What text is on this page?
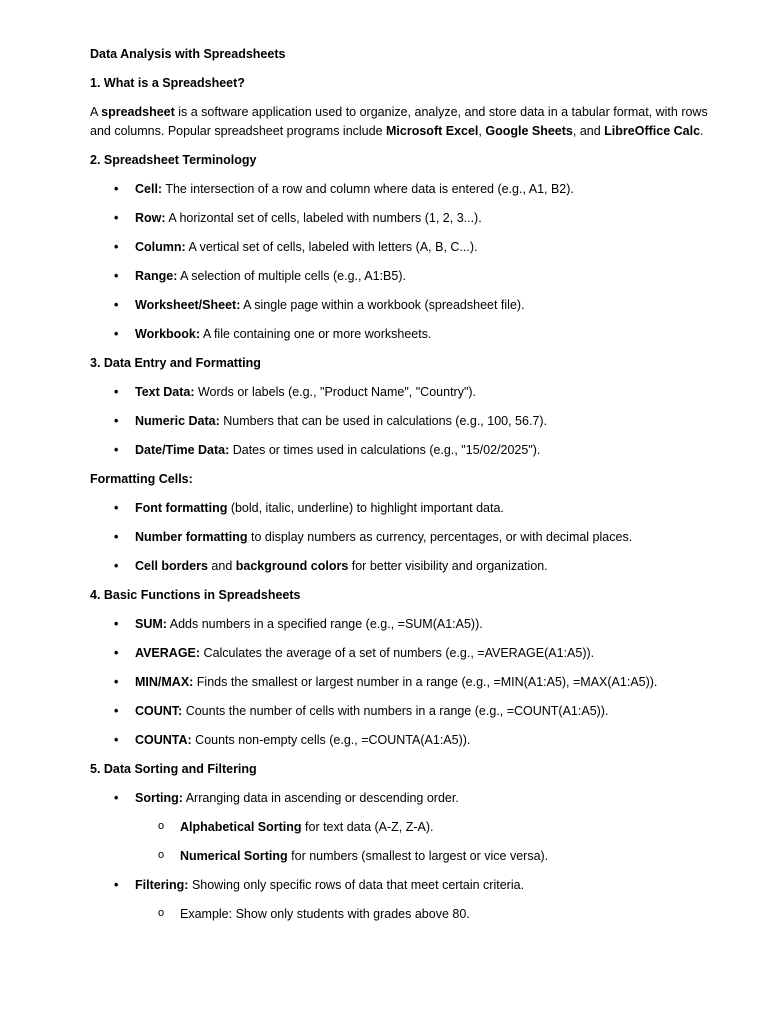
Data Analysis with Spreadsheets

1. What is a Spreadsheet?

A spreadsheet is a software application used to organize, analyze, and store data in a tabular format, with rows and columns. Popular spreadsheet programs include Microsoft Excel, Google Sheets, and LibreOffice Calc.

2. Spreadsheet Terminology

• Cell: The intersection of a row and column where data is entered (e.g., A1, B2).
• Row: A horizontal set of cells, labeled with numbers (1, 2, 3...).
• Column: A vertical set of cells, labeled with letters (A, B, C...).
• Range: A selection of multiple cells (e.g., A1:B5).
• Worksheet/Sheet: A single page within a workbook (spreadsheet file).
• Workbook: A file containing one or more worksheets.

3. Data Entry and Formatting

• Text Data: Words or labels (e.g., "Product Name", "Country").
• Numeric Data: Numbers that can be used in calculations (e.g., 100, 56.7).
• Date/Time Data: Dates or times used in calculations (e.g., "15/02/2025").

Formatting Cells:

• Font formatting (bold, italic, underline) to highlight important data.
• Number formatting to display numbers as currency, percentages, or with decimal places.
• Cell borders and background colors for better visibility and organization.

4. Basic Functions in Spreadsheets

• SUM: Adds numbers in a specified range (e.g., =SUM(A1:A5)).
• AVERAGE: Calculates the average of a set of numbers (e.g., =AVERAGE(A1:A5)).
• MIN/MAX: Finds the smallest or largest number in a range (e.g., =MIN(A1:A5), =MAX(A1:A5)).
• COUNT: Counts the number of cells with numbers in a range (e.g., =COUNT(A1:A5)).
• COUNTA: Counts non-empty cells (e.g., =COUNTA(A1:A5)).

5. Data Sorting and Filtering

• Sorting: Arranging data in ascending or descending order.
o Alphabetical Sorting for text data (A-Z, Z-A).
o Numerical Sorting for numbers (smallest to largest or vice versa).
• Filtering: Showing only specific rows of data that meet certain criteria.
o Example: Show only students with grades above 80.
